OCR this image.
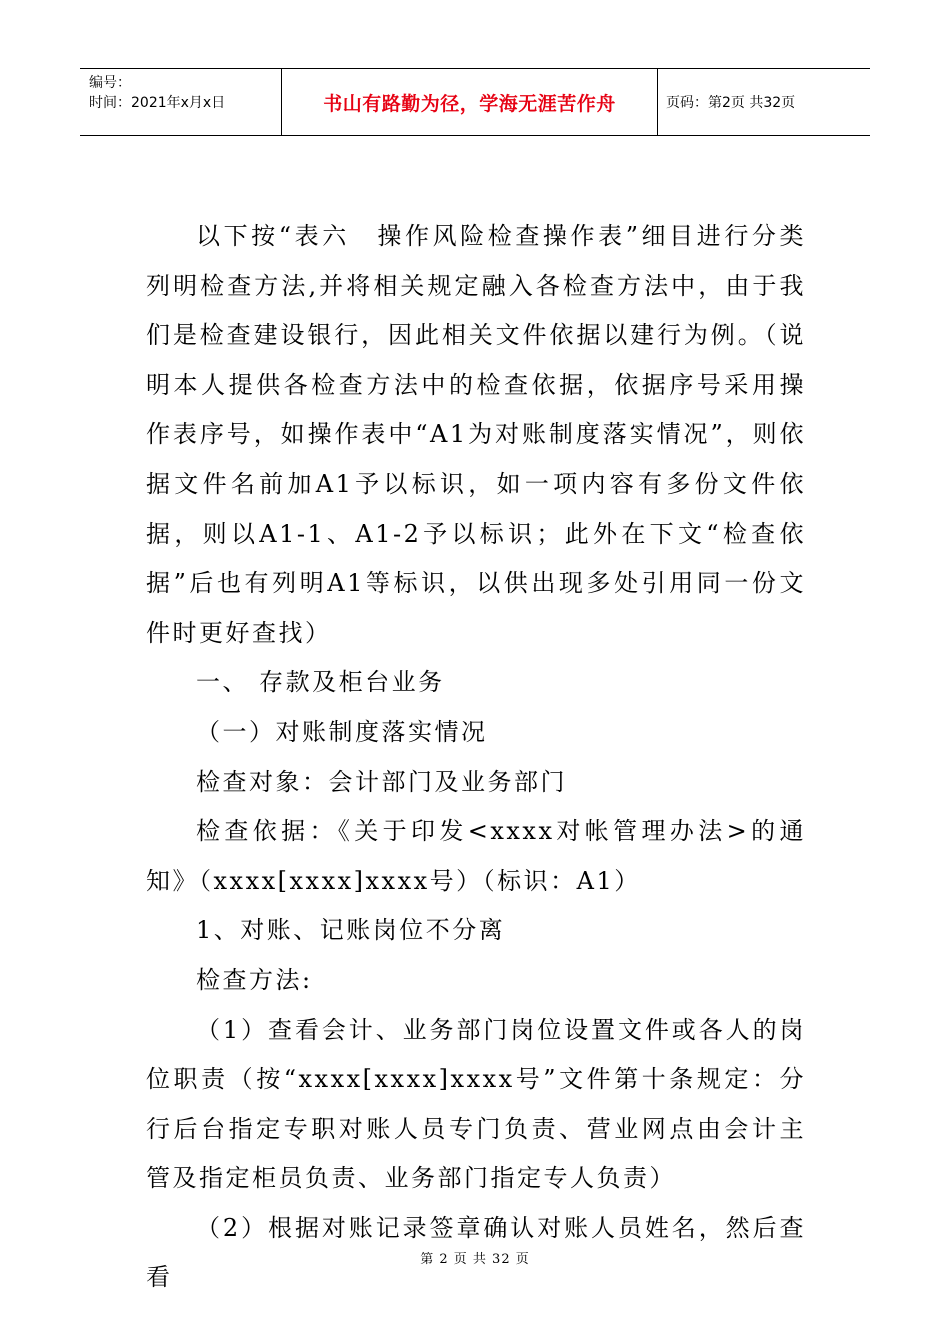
编号：
时间：2021年x月x日	书山有路勤为径，学海无涯苦作舟	页码：第2页 共32页

以下按“表六　操作风险检查操作表”细目进行分类列明检查方法,并将相关规定融入各检查方法中，由于我们是检查建设银行，因此相关文件依据以建行为例。（说明本人提供各检查方法中的检查依据，依据序号采用操作表序号，如操作表中“A1为对账制度落实情况”，则依据文件名前加A1予以标识，如一项内容有多份文件依据，则以A1-1、A1-2予以标识；此外在下文“检查依据”后也有列明A1等标识，以供出现多处引用同一份文件时更好查找）

一、 存款及柜台业务

（一）对账制度落实情况

检查对象：会计部门及业务部门

检查依据：《关于印发<xxxx对帐管理办法>的通知》（xxxx[xxxx]xxxx号）（标识：A1）

1、对账、记账岗位不分离

检查方法:

（1）查看会计、业务部门岗位设置文件或各人的岗位职责（按“xxxx[xxxx]xxxx号”文件第十条规定：分行后台指定专职对账人员专门负责、营业网点由会计主管及指定柜员负责、业务部门指定专人负责）

（2）根据对账记录签章确认对账人员姓名，然后查看

第 2 页 共 32 页
